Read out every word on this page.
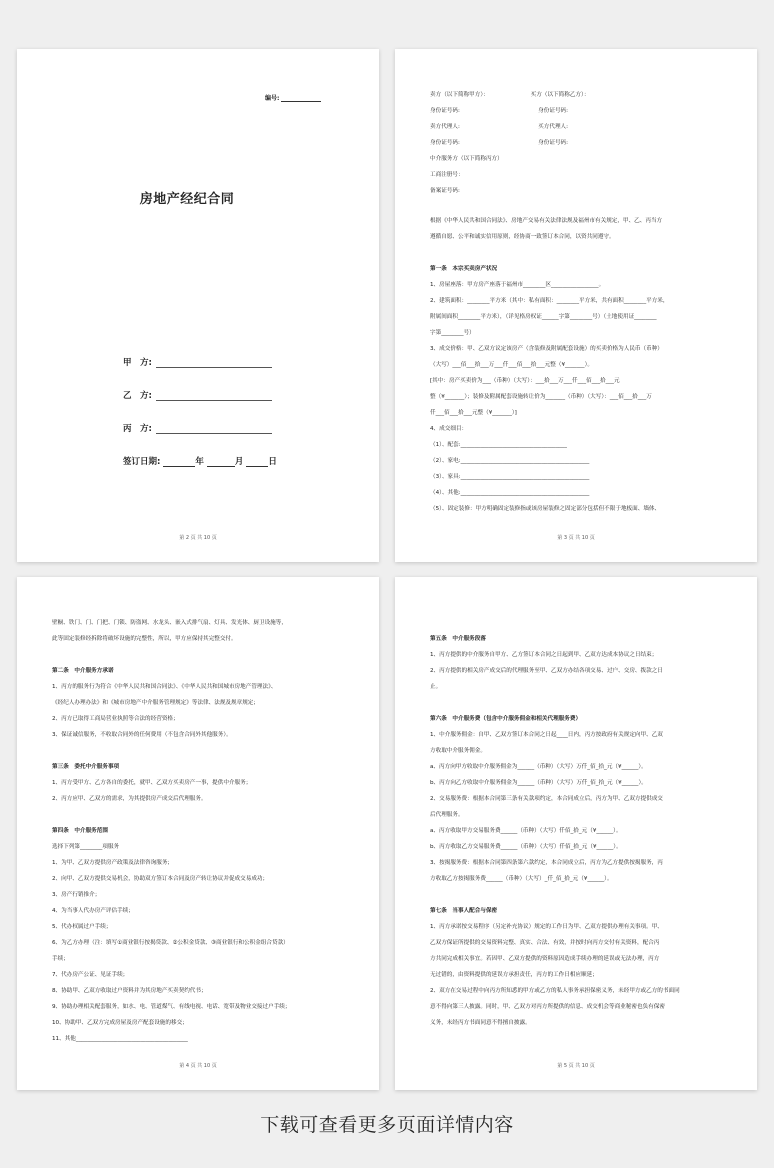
编号:
房地产经纪合同
甲　方:
乙　方:
丙　方:
签订日期:	年	月	日
第 2 页 共 10 页
卖方（以下简称甲方）：　　　　　　　　买方（以下简称乙方）：
身份证号码:　　　　　　　　　　　　　　身份证号码:
卖方代理人:　　　　　　　　　　　　　　买方代理人:
身份证号码:　　　　　　　　　　　　　　身份证号码:
中介服务方（以下简称丙方）
工商注册号：
备案证号码:
根据《中华人民共和国合同法》、房地产交易有关法律法规及福州市有关规定，甲、乙、丙当方
遵循自愿、公平和诚实信用原则，经协商一致签订本合同，以资共同遵守。
第一条　本宗买卖房产状况
1、房屋座落：甲方房产座落于福州市________区_________________。
2、建筑面积：________平方米（其中：私有面积：________平方米，共有面积________平方米，
附属间面积________平方米），（详见格房权证______字第________号）（土地使用证________
字第________号）
3、成交价格：甲、乙双方议定该房产（含装修及附属配套设施）的买卖价格为人民币（币种）
（大写）___佰___拾___万___仟___佰___拾___元整（¥_______）。
[其中：房产买卖价为___（币种）（大写）：___拾___万___仟___佰___拾___元
整（¥_______）；装修及附属配套设施转让价为_______（币种）（大写）：___佰___拾___万
仟___佰___拾___元整（¥_______）]
4、成交细目：
（1）、配套:______________________________________
（2）、家电:______________________________________________
（3）、家具:______________________________________________
（4）、其他:______________________________________________
（5）、固定装修：甲方明确固定装修指或该房屋装修之固定部分包括但不限于地板面、墙体、
第 3 页 共 10 页
壁橱、铁门、门、门把、门锁、防盗网、水龙头、嵌入式排气扇、灯具、发光体、厨卫设施等，
此等固定装修经拆除将破坏设施的完整性，所以，甲方应保持其完整交付。
第二条　中介服务方承诺
1、丙方的服务行为符合《中华人民共和国合同法》、《中华人民共和国城市房地产管理法》、
《经纪人办理办法》和《城市房地产中介服务管理规定》等法律、法规及规章规定；
2、丙方已取得工商局营业执照等合法的经营资格；
3、保证诚信服务，不收取合同外的任何费用（不包含合同外其他服务）。
第三条　委托中介服务事项
1、丙方受甲方、乙方各自的委托，就甲、乙双方买卖房产一事，提供中介服务；
2、丙方应甲、乙双方的需求，为其提供房产成交后代理服务。
第四条　中介服务范围
选择下列第________项服务
1、为甲、乙双方提供房产政策及法律咨询服务；
2、向甲、乙双方提供交易机会，协助双方签订本合同及房产转让协议并促成交易成功；
3、房产行销推介；
4、为当事人代办房产评估手续；
5、代办权属过户手续；
6、为乙方办理（注：填写①商业银行按揭贷款、②公积金贷款、③商业银行和公积金组合贷款）
手续；
7、代办房产公证、见证手续；
8、协助甲、乙双方收取过户资料并为其房地产买卖契约代书；
9、协助办理相关配套服务，如水、电、管道煤气、有线电视、电话、宽带及物业交接过户手续；
10、协助甲、乙双方完成房屋及房产配套设施的移交；
11、其他________________________________________
第 4 页 共 10 页
第五条　中介服务段落
1、丙方提供的中介服务自甲方、乙方签订本合同之日起到甲、乙双方达成本协议之日结束；
2、丙方提供的相关房产成交后的代理服务至甲、乙双方办结各项交易、过户、交房、拨款之日
止。
第六条　中介服务费（包含中介服务佣金和相关代理服务费）
1、中介服务佣金：自甲、乙双方签订本合同之日起____日内，丙方按政府有关规定向甲、乙双
方收取中介服务佣金。
a、丙方向甲方收取中介服务佣金为______（币种）（大写）万仟_佰_拾_元（¥______）。
b、丙方向乙方收取中介服务佣金为______（币种）（大写）万仟_佰_拾_元（¥______）。
2、交易服务费：根据本合同第三条有关款项约定，本合同成立后，丙方为甲、乙双方提供成交
后代理服务。
a、丙方收取甲方交易服务费______（币种）（大写）仟佰_拾_元（¥______）。
b、丙方收取乙方交易服务费______（币种）（大写）仟佰_拾_元（¥______）。
3、按揭服务费：根据本合同第四条第六款约定，本合同成立后，丙方为乙方提供按揭服务，丙
方收取乙方按揭服务费______（币种）（大写）_仟_佰_拾_元（¥______）。
第七条　当事人配合与保密
1、丙方承诺按交易程序（另定补充协议）规定的工作日为甲、乙双方提供办理有关事项。甲、
乙双方保证所提供的交易资料完整、真实、合法、有效，并按时向丙方交付有关资料，配合丙
方共同完成相关事宜。若因甲、乙双方提供的资料原因造成手续办理的延误或无法办理，丙方
无过错的，由资料提供的延误方承担责任，丙方的工作日相应顺延；
2、双方在交易过程中向丙方所知悉的甲方或乙方的私人事务承担保密义务，未经甲方或乙方的书面同
意不得向第三人披露。同时，甲、乙双方对丙方所提供的信息、成交机会等商业秘密也负有保密
义务，未经丙方书面同意不得擅自披露。
第 5 页 共 10 页
下载可查看更多页面详情内容
